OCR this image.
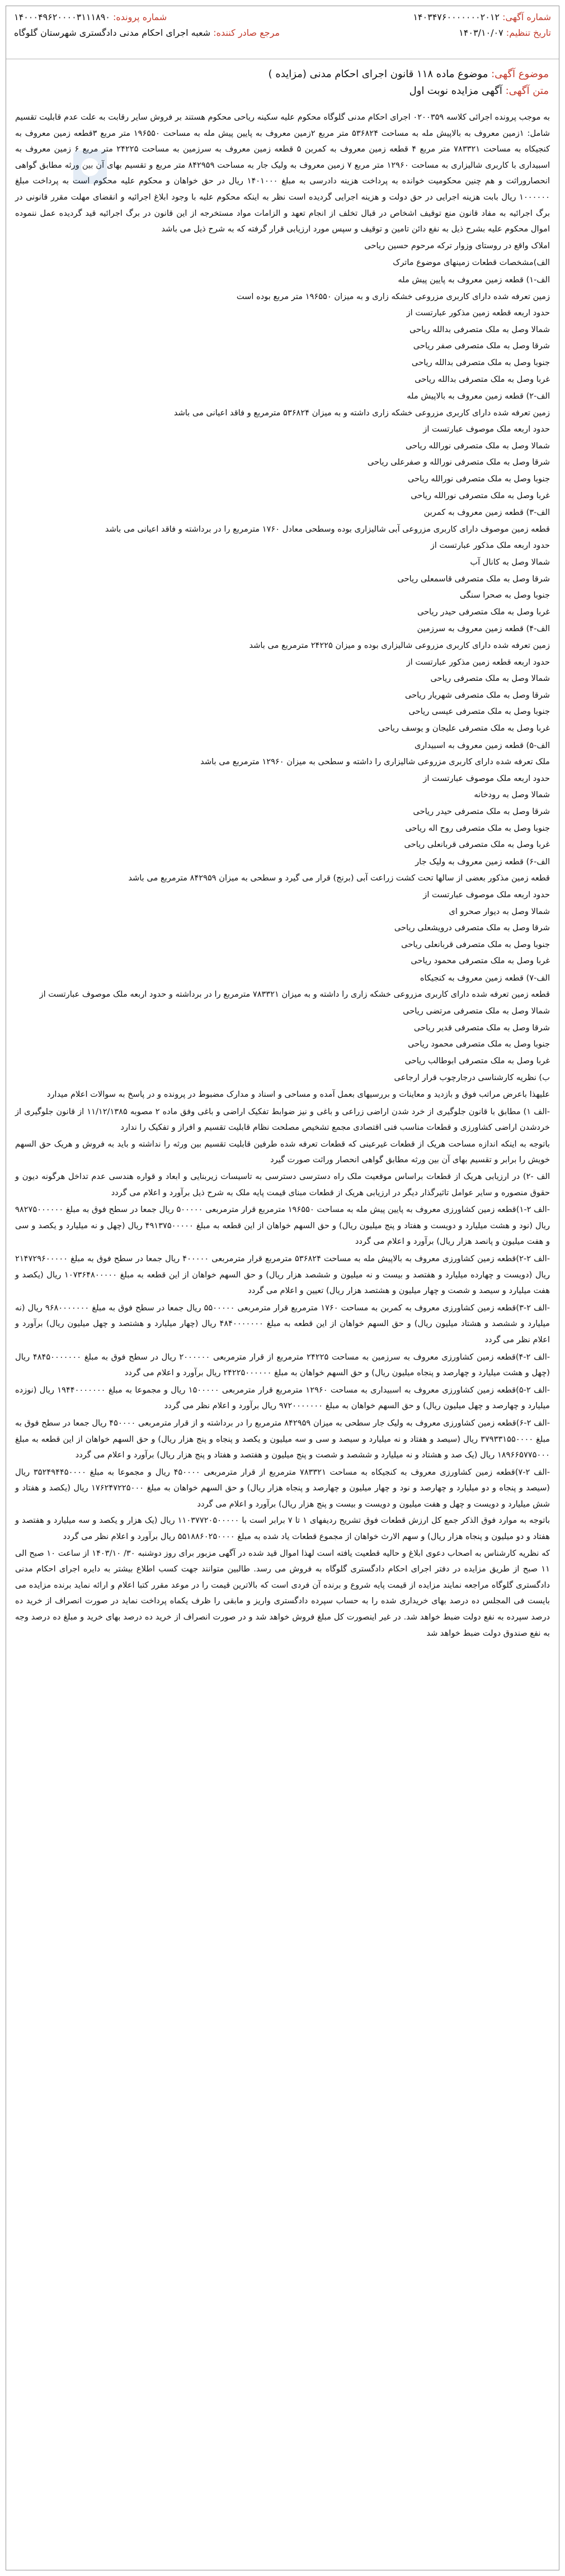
شماره آگهی: ۱۴۰۳۴۷۶۰۰۰۰۰۰۰۲۰۱۲
شماره پرونده: ۱۴۰۰۰۴۹۶۲۰۰۰۰۳۱۱۱۸۹۰
تاریخ تنظیم: ۱۴۰۳/۱۰/۰۷
مرجع صادر کننده: شعبه اجرای احکام مدنی دادگستری شهرستان گلوگاه
موضوع آگهی: موضوع ماده ۱۱۸ قانون اجرای احکام مدنی (مزایده )
متن آگهی: آگهی مزایده نوبت اول

به موجب پرونده اجرائی کلاسه ۰۲۰۰۳۵۹ اجرای احکام مدنی گلوگاه محکوم علیه سکینه ریاحی محکوم هستند بر فروش سایر رقابت به علت عدم قابلیت تقسیم شامل: ۱زمین معروف به بالاپیش مله به مساحت ۵۳۶۸۲۴ متر مربع ۲زمین معروف به پایین پیش مله به مساحت ۱۹۶۵۵۰ متر مربع ۳قطعه زمین معروف به کنجیکاه به مساحت ۷۸۳۳۲۱ متر مربع ۴ قطعه زمین معروف به کمربن ۵ قطعه زمین معروف به سرزمین به مساحت ۲۴۲۲۵ متر مربع ۶ زمین معروف به اسبیداری با کاربری شالیزاری به مساحت ۱۲۹۶۰ متر مربع ۷ زمین معروف به ولیک جار به مساحت ۸۴۲۹۵۹ متر مربع و تقسیم بهای آن بین ورثه مطابق گواهی انحصاروراثت و هم چنین محکومیت خوانده به پرداخت هزینه دادرسی به مبلغ ۱۴۰۱۰۰۰ ریال در حق خواهان و محکوم علیه محکوم است به پرداخت مبلغ ۱۰۰۰۰۰۰ ریال بابت هزینه اجرایی در حق دولت و هزینه اجرایی گردیده است نظر به اینکه محکوم علیه با وجود ابلاغ اجرائیه و انقضای مهلت مقرر قانونی در برگ اجرائیه به مفاد قانون منع توقیف اشخاص در قبال تخلف از انجام تعهد و الزامات مواد مستخرجه از این قانون در برگ اجرائیه قید گردیده عمل ننموده اموال محکوم علیه بشرح ذیل به نفع دائن تامین و توقیف و سپس مورد ارزیابی قرار گرفته که به شرح ذیل می باشد

املاک واقع در روستای وزوار ترکه مرحوم حسین ریاحی

الف)مشخصات قطعات زمینهای موضوع ماترک

الف-۱) قطعه زمین معروف به پایین پیش مله

زمین تعرفه شده دارای کاربری مزروعی خشکه زاری و به میزان ۱۹۶۵۵۰ متر مربع بوده است

حدود اربعه قطعه زمین مذکور عبارتست از

شمالا وصل به ملک متصرفی بدالله ریاحی

شرقا وصل به ملک متصرفی صفر ریاحی

جنوبا وصل به ملک متصرفی بدالله ریاحی

غربا وصل به ملک متصرفی بدالله ریاحی

الف-۲) قطعه زمین معروف به بالاپیش مله

زمین تعرفه شده دارای کاربری مزروعی خشکه زاری داشته و به میزان ۵۳۶۸۲۴ مترمربع و فاقد اعیانی می باشد

حدود اربعه ملک موصوف عبارتست از

شمالا وصل به ملک متصرفی نورالله ریاحی

شرقا وصل به ملک متصرفی نورالله و صفرعلی ریاحی

جنوبا وصل به ملک متصرفی نورالله ریاحی

غربا وصل به ملک متصرفی نورالله ریاحی

الف-۳) قطعه زمین معروف به کمربن

قطعه زمین موصوف دارای کاربری مزروعی آبی شالیزاری بوده وسطحی معادل ۱۷۶۰ مترمربع را در برداشته و فاقد اعیانی می باشد

حدود اربعه ملک مذکور عبارتست از

شمالا وصل به کانال آب

شرقا وصل به ملک متصرفی قاسمعلی ریاحی

جنوبا وصل به صحرا سنگی

غربا وصل به ملک متصرفی حیدر ریاحی

الف-۴) قطعه زمین معروف به سرزمین

زمین تعرفه شده دارای کاربری مزروعی شالیزاری بوده و میزان ۲۴۲۲۵ مترمربع می باشد

حدود اربعه قطعه زمین مذکور عبارتست از

شمالا وصل به ملک متصرفی ریاحی

شرقا وصل به ملک متصرفی شهریار ریاحی

جنوبا وصل به ملک متصرفی عیسی ریاحی

غربا وصل به ملک متصرفی علیجان و یوسف ریاحی

الف-۵) قطعه زمین معروف به اسبیداری

ملک تعرفه شده دارای کاربری مزروعی شالیزاری را داشته و سطحی به میزان ۱۲۹۶۰ مترمربع می باشد

حدود اربعه ملک موصوف عبارتست از

شمالا وصل به رودخانه

شرقا وصل به ملک متصرفی حیدر ریاحی

جنوبا وصل به ملک متصرفی روح اله ریاحی

غربا وصل به ملک متصرفی قربانعلی ریاحی

الف-۶) قطعه زمین معروف به ولیک جار

قطعه زمین مذکور بعضی از سالها تحت کشت زراعت آبی (برنج) قرار می گیرد و سطحی به میزان ۸۴۲۹۵۹ مترمربع می باشد

حدود اربعه ملک موصوف عبارتست از

شمالا وصل به دیوار صحرو ای

شرقا وصل به ملک متصرفی درویشعلی ریاحی

جنوبا وصل به ملک متصرفی قربانعلی ریاحی

غربا وصل به ملک متصرفی محمود ریاحی

الف-۷) قطعه زمین معروف به کنجیکاه

قطعه زمین تعرفه شده دارای کاربری مزروعی خشکه زاری را داشته و به میزان ۷۸۳۳۲۱ مترمربع را در برداشته و حدود اربعه ملک موصوف عبارتست از

شمالا وصل به ملک متصرفی مرتضی ریاحی

شرقا وصل به ملک متصرفی قدیر ریاحی

جنوبا وصل به ملک متصرفی محمود ریاحی

غربا وصل به ملک متصرفی ابوطالب ریاحی

ب) نظریه کارشناسی درجارچوب قرار ارجاعی

علیهذا باعرض مراتب فوق و بازدید و معاینات و بررسیهای بعمل آمده و مساحی و اسناد و مدارک مضبوط در پرونده و در پاسخ به سوالات اعلام میدارد

-الف ۱) مطابق با قانون جلوگیری از خرد شدن اراضی زراعی و باغی و نیز ضوابط تفکیک اراضی و باغی وفق ماده ۲ مصوبه ۱۱/۱۲/۱۳۸۵ از قانون جلوگیری از خردشدن اراضی کشاورزی و قطعات مناسب فنی اقتصادی مجمع تشخیص مصلحت نظام قابلیت تقسیم و افراز و تفکیک را ندارد

باتوجه به اینکه اندازه مساحت هریک از قطعات غیرعینی که قطعات تعرفه شده طرفین قابلیت تقسیم بین ورثه را نداشته و باید به فروش و هریک حق السهم خویش را برابر و تقسیم بهای آن بین ورثه مطابق گواهی انحصار وراثت صورت گیرد

الف -۲) در ارزیابی هریک از قطعات براساس موقعیت ملک راه دسترسی دسترسی به تاسیسات زیربنایی و ابعاد و قواره هندسی عدم تداخل هرگونه دیون و حقوق منصوره و سایر عوامل تاثیرگذار دیگر در ارزیابی هریک از قطعات مبنای قیمت پایه ملک به شرح ذیل برآورد و اعلام می گردد

-الف ۲-۱)قطعه زمین کشاورزی معروف به پایین پیش مله به مساحت ۱۹۶۵۵۰ مترمربع قرار مترمربعی ۵۰۰۰۰۰ ریال جمعا در سطح فوق به مبلغ ۹۸۲۷۵۰۰۰۰۰۰ ریال (نود و هشت میلیارد و دویست و هفتاد و پنج میلیون ریال) و حق السهم خواهان از این قطعه به مبلغ ۴۹۱۳۷۵۰۰۰۰۰ ریال (چهل و نه میلیارد و یکصد و سی و هفت میلیون و پانصد هزار ریال) برآورد و اعلام می گردد

-الف ۲-۲)قطعه زمین کشاورزی معروف به بالاپیش مله به مساحت ۵۳۶۸۲۴ مترمربع قرار مترمربعی ۴۰۰۰۰۰ ریال جمعا در سطح فوق به مبلغ ۲۱۴۷۲۹۶۰۰۰۰۰ ریال (دویست و چهارده میلیارد و هفتصد و بیست و نه میلیون و ششصد هزار ریال) و حق السهم خواهان از این قطعه به مبلغ ۱۰۷۳۶۴۸۰۰۰۰۰ ریال (یکصد و هفت میلیارد و سیصد و شصت و چهار میلیون و هشتصد هزار ریال) تعیین و اعلام می گردد

-الف ۲-۳)قطعه زمین کشاورزی معروف به کمربن به مساحت ۱۷۶۰ مترمربع قرار مترمربعی ۵۵۰۰۰۰۰ ریال جمعا در سطح فوق به مبلغ ۹۶۸۰۰۰۰۰۰۰ ریال (نه میلیارد و ششصد و هشتاد میلیون ریال) و حق السهم خواهان از این قطعه به مبلغ ۴۸۴۰۰۰۰۰۰۰ ریال (چهار میلیارد و هشتصد و چهل میلیون ریال) برآورد و اعلام نظر می گردد

-الف ۲-۴)قطعه زمین کشاورزی معروف به سرزمین به مساحت ۲۴۲۲۵ مترمربع از قرار مترمربعی ۲۰۰۰۰۰۰ ریال در سطح فوق به مبلغ ۴۸۴۵۰۰۰۰۰۰۰ ریال (چهل و هشت میلیارد و چهارصد و پنجاه میلیون ریال) و حق السهم خواهان به مبلغ ۲۴۲۲۵۰۰۰۰۰۰ ریال برآورد و اعلام می گردد

-الف ۲-۵)قطعه زمین کشاورزی معروف به اسبیداری به مساحت ۱۲۹۶۰ مترمربع قرار مترمربعی ۱۵۰۰۰۰۰ ریال و مجموعا به مبلغ ۱۹۴۴۰۰۰۰۰۰۰ ریال (نوزده میلیارد و چهارصد و چهل میلیون ریال) و حق السهم خواهان به مبلغ ۹۷۲۰۰۰۰۰۰۰ ریال برآورد و اعلام نظر می گردد

-الف ۲-۶)قطعه زمین کشاورزی معروف به ولیک جار سطحی به میزان ۸۴۲۹۵۹ مترمربع را در برداشته و از قرار مترمربعی ۴۵۰۰۰۰ ریال جمعا در سطح فوق به مبلغ ۳۷۹۳۳۱۵۵۰۰۰۰ ریال (سیصد و هفتاد و نه میلیارد و سیصد و سی و سه میلیون و یکصد و پنجاه و پنج هزار ریال) و حق السهم خواهان از این قطعه به مبلغ ۱۸۹۶۶۵۷۷۵۰۰۰ ریال (یک صد و هشتاد و نه میلیارد و ششصد و شصت و پنج میلیون و هفتصد و هفتاد و پنج هزار ریال) برآورد و اعلام می گردد

-الف ۲-۷)قطعه زمین کشاورزی معروف به کنجیکاه به مساحت ۷۸۳۳۲۱ مترمربع از قرار مترمربعی ۴۵۰۰۰۰ ریال و مجموعا به مبلغ ۳۵۲۴۹۴۴۵۰۰۰۰ ریال (سیصد و پنجاه و دو میلیارد و چهارصد و نود و چهار میلیون و چهارصد و پنجاه هزار ریال) و حق السهم خواهان به مبلغ ۱۷۶۲۴۷۲۲۵۰۰۰ ریال (یکصد و هفتاد و شش میلیارد و دویست و چهل و هفت میلیون و دویست و بیست و پنج هزار ریال) برآورد و اعلام می گردد

باتوجه به موارد فوق الذکر جمع کل ارزش قطعات فوق تشریح ردیفهای ۱ تا ۷ برابر است با ۱۱۰۳۷۷۲۰۵۰۰۰۰۰ ریال (یک هزار و یکصد و سه میلیارد و هفتصد و هفتاد و دو میلیون و پنجاه هزار ریال) و سهم الارث خواهان از مجموع قطعات یاد شده به مبلغ ۵۵۱۸۸۶۰۲۵۰۰۰۰ ریال برآورد و اعلام نظر می گردد

که نظریه کارشناس به اصحاب دعوی ابلاغ و حالیه قطعیت یافته است لهذا اموال قید شده در آگهی مزبور برای روز دوشنبه ۳۰/ ۱۴۰۳/۱۰ از ساعت ۱۰ صبح الی ۱۱ صبح از طریق مزایده در دفتر اجرای احکام دادگستری گلوگاه به فروش می رسد. طالبین متوانند جهت کسب اطلاع بیشتر به دایره اجرای احکام مدنی دادگستری گلوگاه مراجعه نمایند مزایده از قیمت پایه شروع و برنده آن فردی است که بالاترین قیمت را در موعد مقرر کتبا اعلام و ارائه نماید برنده مزایده می بایست فی المجلس ده درصد بهای خریداری شده را به حساب سپرده دادگستری واریز و مابقی را ظرف یکماه پرداخت نماید در صورت انصراف از خرید ده درصد سپرده به نفع دولت ضبط خواهد شد. در غیر اینصورت کل مبلغ فروش خواهد شد و در صورت انصراف از خرید ده درصد بهای خرید و مبلغ ده درصد وجه به نفع صندوق دولت ضبط خواهد شد
